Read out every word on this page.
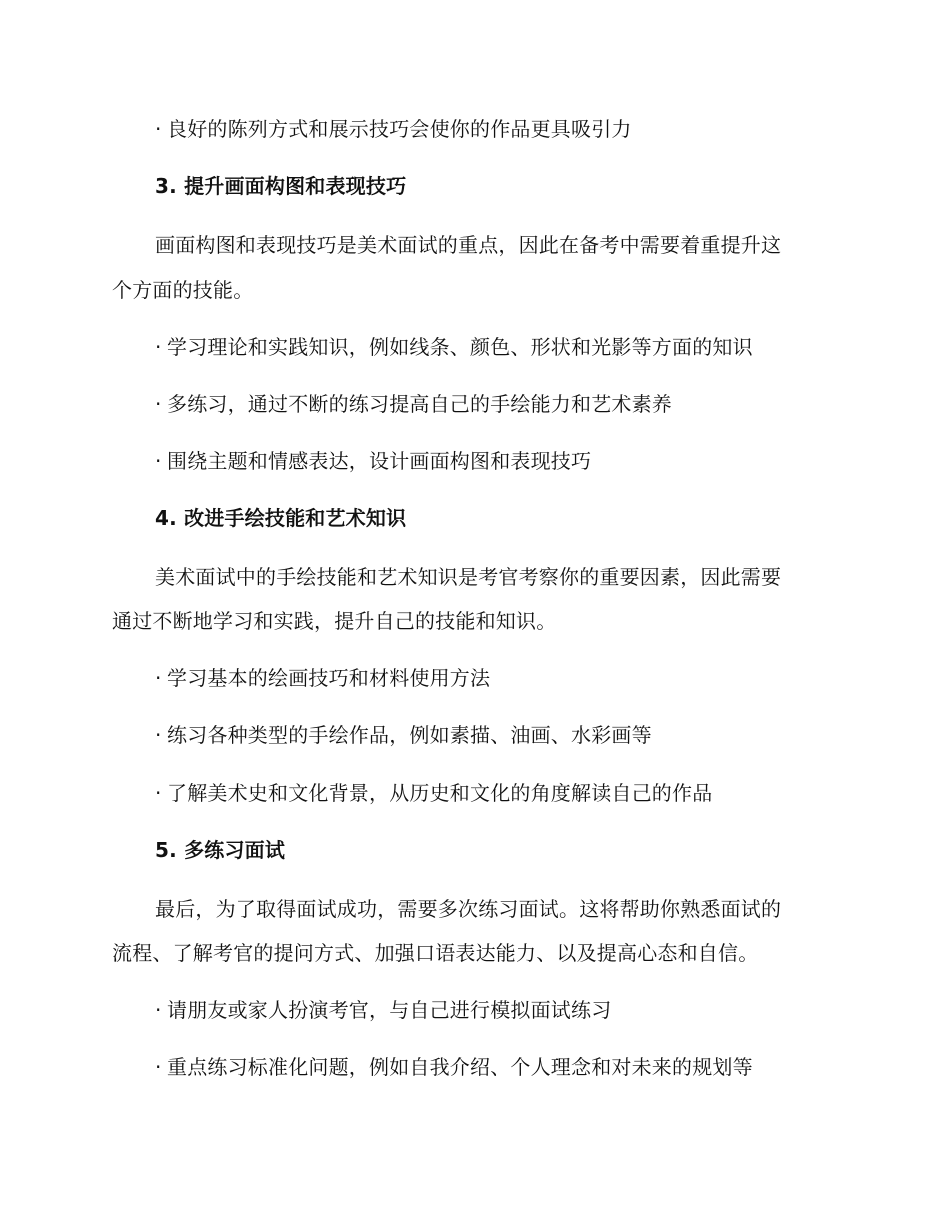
· 良好的陈列方式和展示技巧会使你的作品更具吸引力
3. 提升画面构图和表现技巧
画面构图和表现技巧是美术面试的重点，因此在备考中需要着重提升这
个方面的技能。
· 学习理论和实践知识，例如线条、颜色、形状和光影等方面的知识
· 多练习，通过不断的练习提高自己的手绘能力和艺术素养
· 围绕主题和情感表达，设计画面构图和表现技巧
4. 改进手绘技能和艺术知识
美术面试中的手绘技能和艺术知识是考官考察你的重要因素，因此需要
通过不断地学习和实践，提升自己的技能和知识。
· 学习基本的绘画技巧和材料使用方法
· 练习各种类型的手绘作品，例如素描、油画、水彩画等
· 了解美术史和文化背景，从历史和文化的角度解读自己的作品
5. 多练习面试
最后，为了取得面试成功，需要多次练习面试。这将帮助你熟悉面试的
流程、了解考官的提问方式、加强口语表达能力、以及提高心态和自信。
· 请朋友或家人扮演考官，与自己进行模拟面试练习
· 重点练习标准化问题，例如自我介绍、个人理念和对未来的规划等
